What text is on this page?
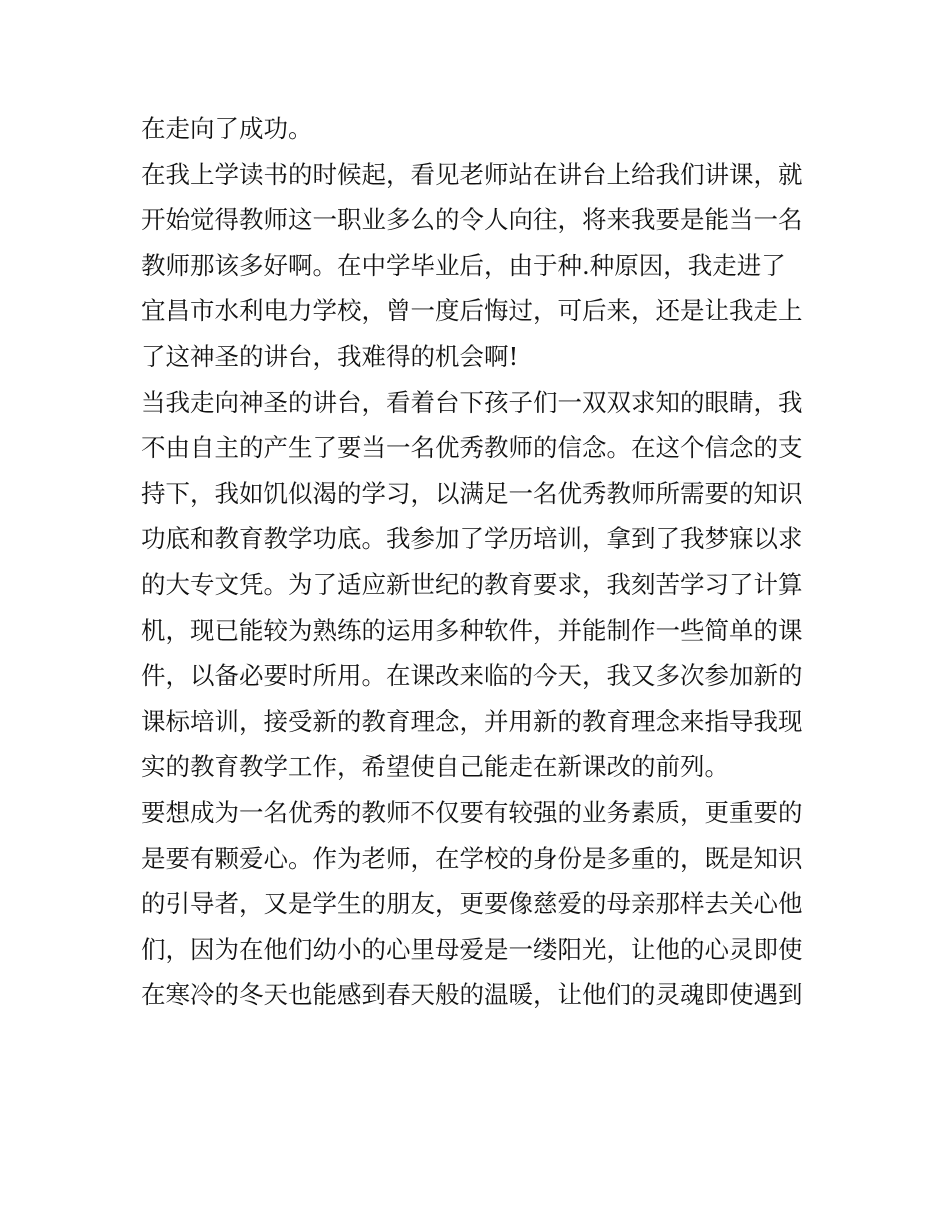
在走向了成功。
在我上学读书的时候起，看见老师站在讲台上给我们讲课，就
开始觉得教师这一职业多么的令人向往，将来我要是能当一名
教师那该多好啊。在中学毕业后，由于种.种原因，我走进了
宜昌市水利电力学校，曾一度后悔过，可后来，还是让我走上
了这神圣的讲台，我难得的机会啊!
当我走向神圣的讲台，看着台下孩子们一双双求知的眼睛，我
不由自主的产生了要当一名优秀教师的信念。在这个信念的支
持下，我如饥似渴的学习，以满足一名优秀教师所需要的知识
功底和教育教学功底。我参加了学历培训，拿到了我梦寐以求
的大专文凭。为了适应新世纪的教育要求，我刻苦学习了计算
机，现已能较为熟练的运用多种软件，并能制作一些简单的课
件，以备必要时所用。在课改来临的今天，我又多次参加新的
课标培训，接受新的教育理念，并用新的教育理念来指导我现
实的教育教学工作，希望使自己能走在新课改的前列。
要想成为一名优秀的教师不仅要有较强的业务素质，更重要的
是要有颗爱心。作为老师，在学校的身份是多重的，既是知识
的引导者，又是学生的朋友，更要像慈爱的母亲那样去关心他
们，因为在他们幼小的心里母爱是一缕阳光，让他的心灵即使
在寒冷的冬天也能感到春天般的温暖，让他们的灵魂即使遇到
